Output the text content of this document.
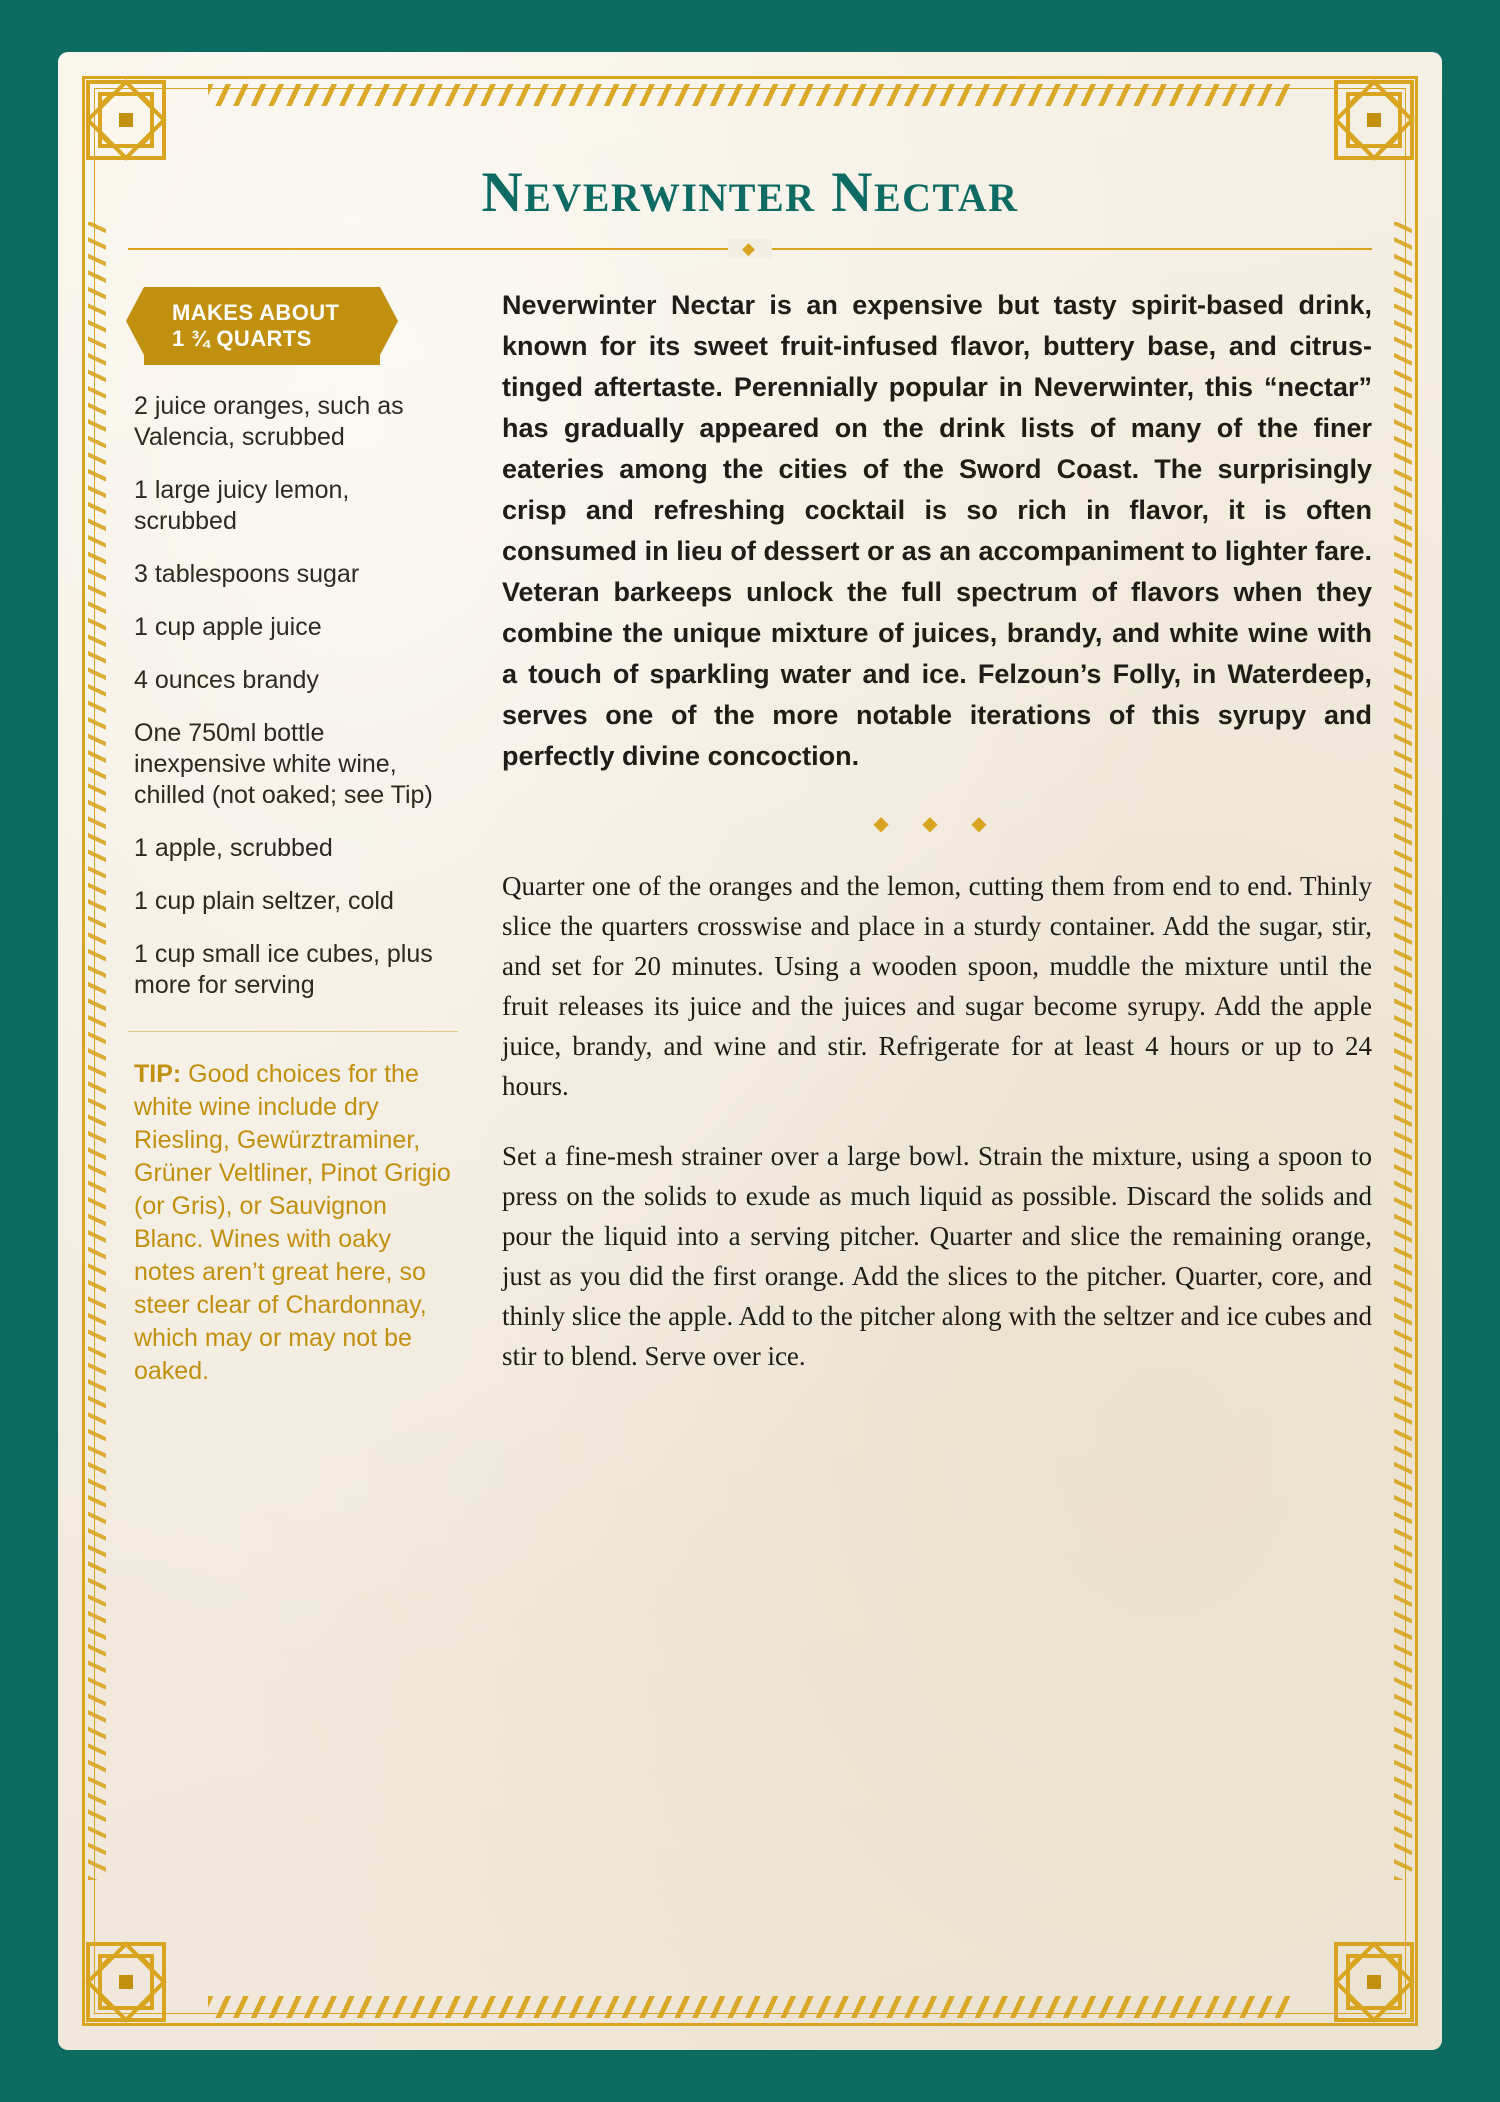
Neverwinter Nectar
◆
MAKES ABOUT
1 ¾ QUARTS
2 juice oranges, such as Valencia, scrubbed
1 large juicy lemon, scrubbed
3 tablespoons sugar
1 cup apple juice
4 ounces brandy
One 750ml bottle inexpensive white wine, chilled (not oaked; see Tip)
1 apple, scrubbed
1 cup plain seltzer, cold
1 cup small ice cubes, plus more for serving
TIP: Good choices for the white wine include dry Riesling, Gewürztraminer, Grüner Veltliner, Pinot Grigio (or Gris), or Sauvignon Blanc. Wines with oaky notes aren’t great here, so steer clear of Chardonnay, which may or may not be oaked.

Neverwinter Nectar is an expensive but tasty spirit-based drink, known for its sweet fruit-infused flavor, buttery base, and citrus-tinged aftertaste. Perennially popular in Neverwinter, this “nectar” has gradually appeared on the drink lists of many of the finer eateries among the cities of the Sword Coast. The surprisingly crisp and refreshing cocktail is so rich in flavor, it is often consumed in lieu of dessert or as an accompaniment to lighter fare. Veteran barkeeps unlock the full spectrum of flavors when they combine the unique mixture of juices, brandy, and white wine with a touch of sparkling water and ice. Felzoun’s Folly, in Waterdeep, serves one of the more notable iterations of this syrupy and perfectly divine concoction.

◆ ◆ ◆

Quarter one of the oranges and the lemon, cutting them from end to end. Thinly slice the quarters crosswise and place in a sturdy container. Add the sugar, stir, and set for 20 minutes. Using a wooden spoon, muddle the mixture until the fruit releases its juice and the juices and sugar become syrupy. Add the apple juice, brandy, and wine and stir. Refrigerate for at least 4 hours or up to 24 hours.

Set a fine-mesh strainer over a large bowl. Strain the mixture, using a spoon to press on the solids to exude as much liquid as possible. Discard the solids and pour the liquid into a serving pitcher. Quarter and slice the remaining orange, just as you did the first orange. Add the slices to the pitcher. Quarter, core, and thinly slice the apple. Add to the pitcher along with the seltzer and ice cubes and stir to blend. Serve over ice.
